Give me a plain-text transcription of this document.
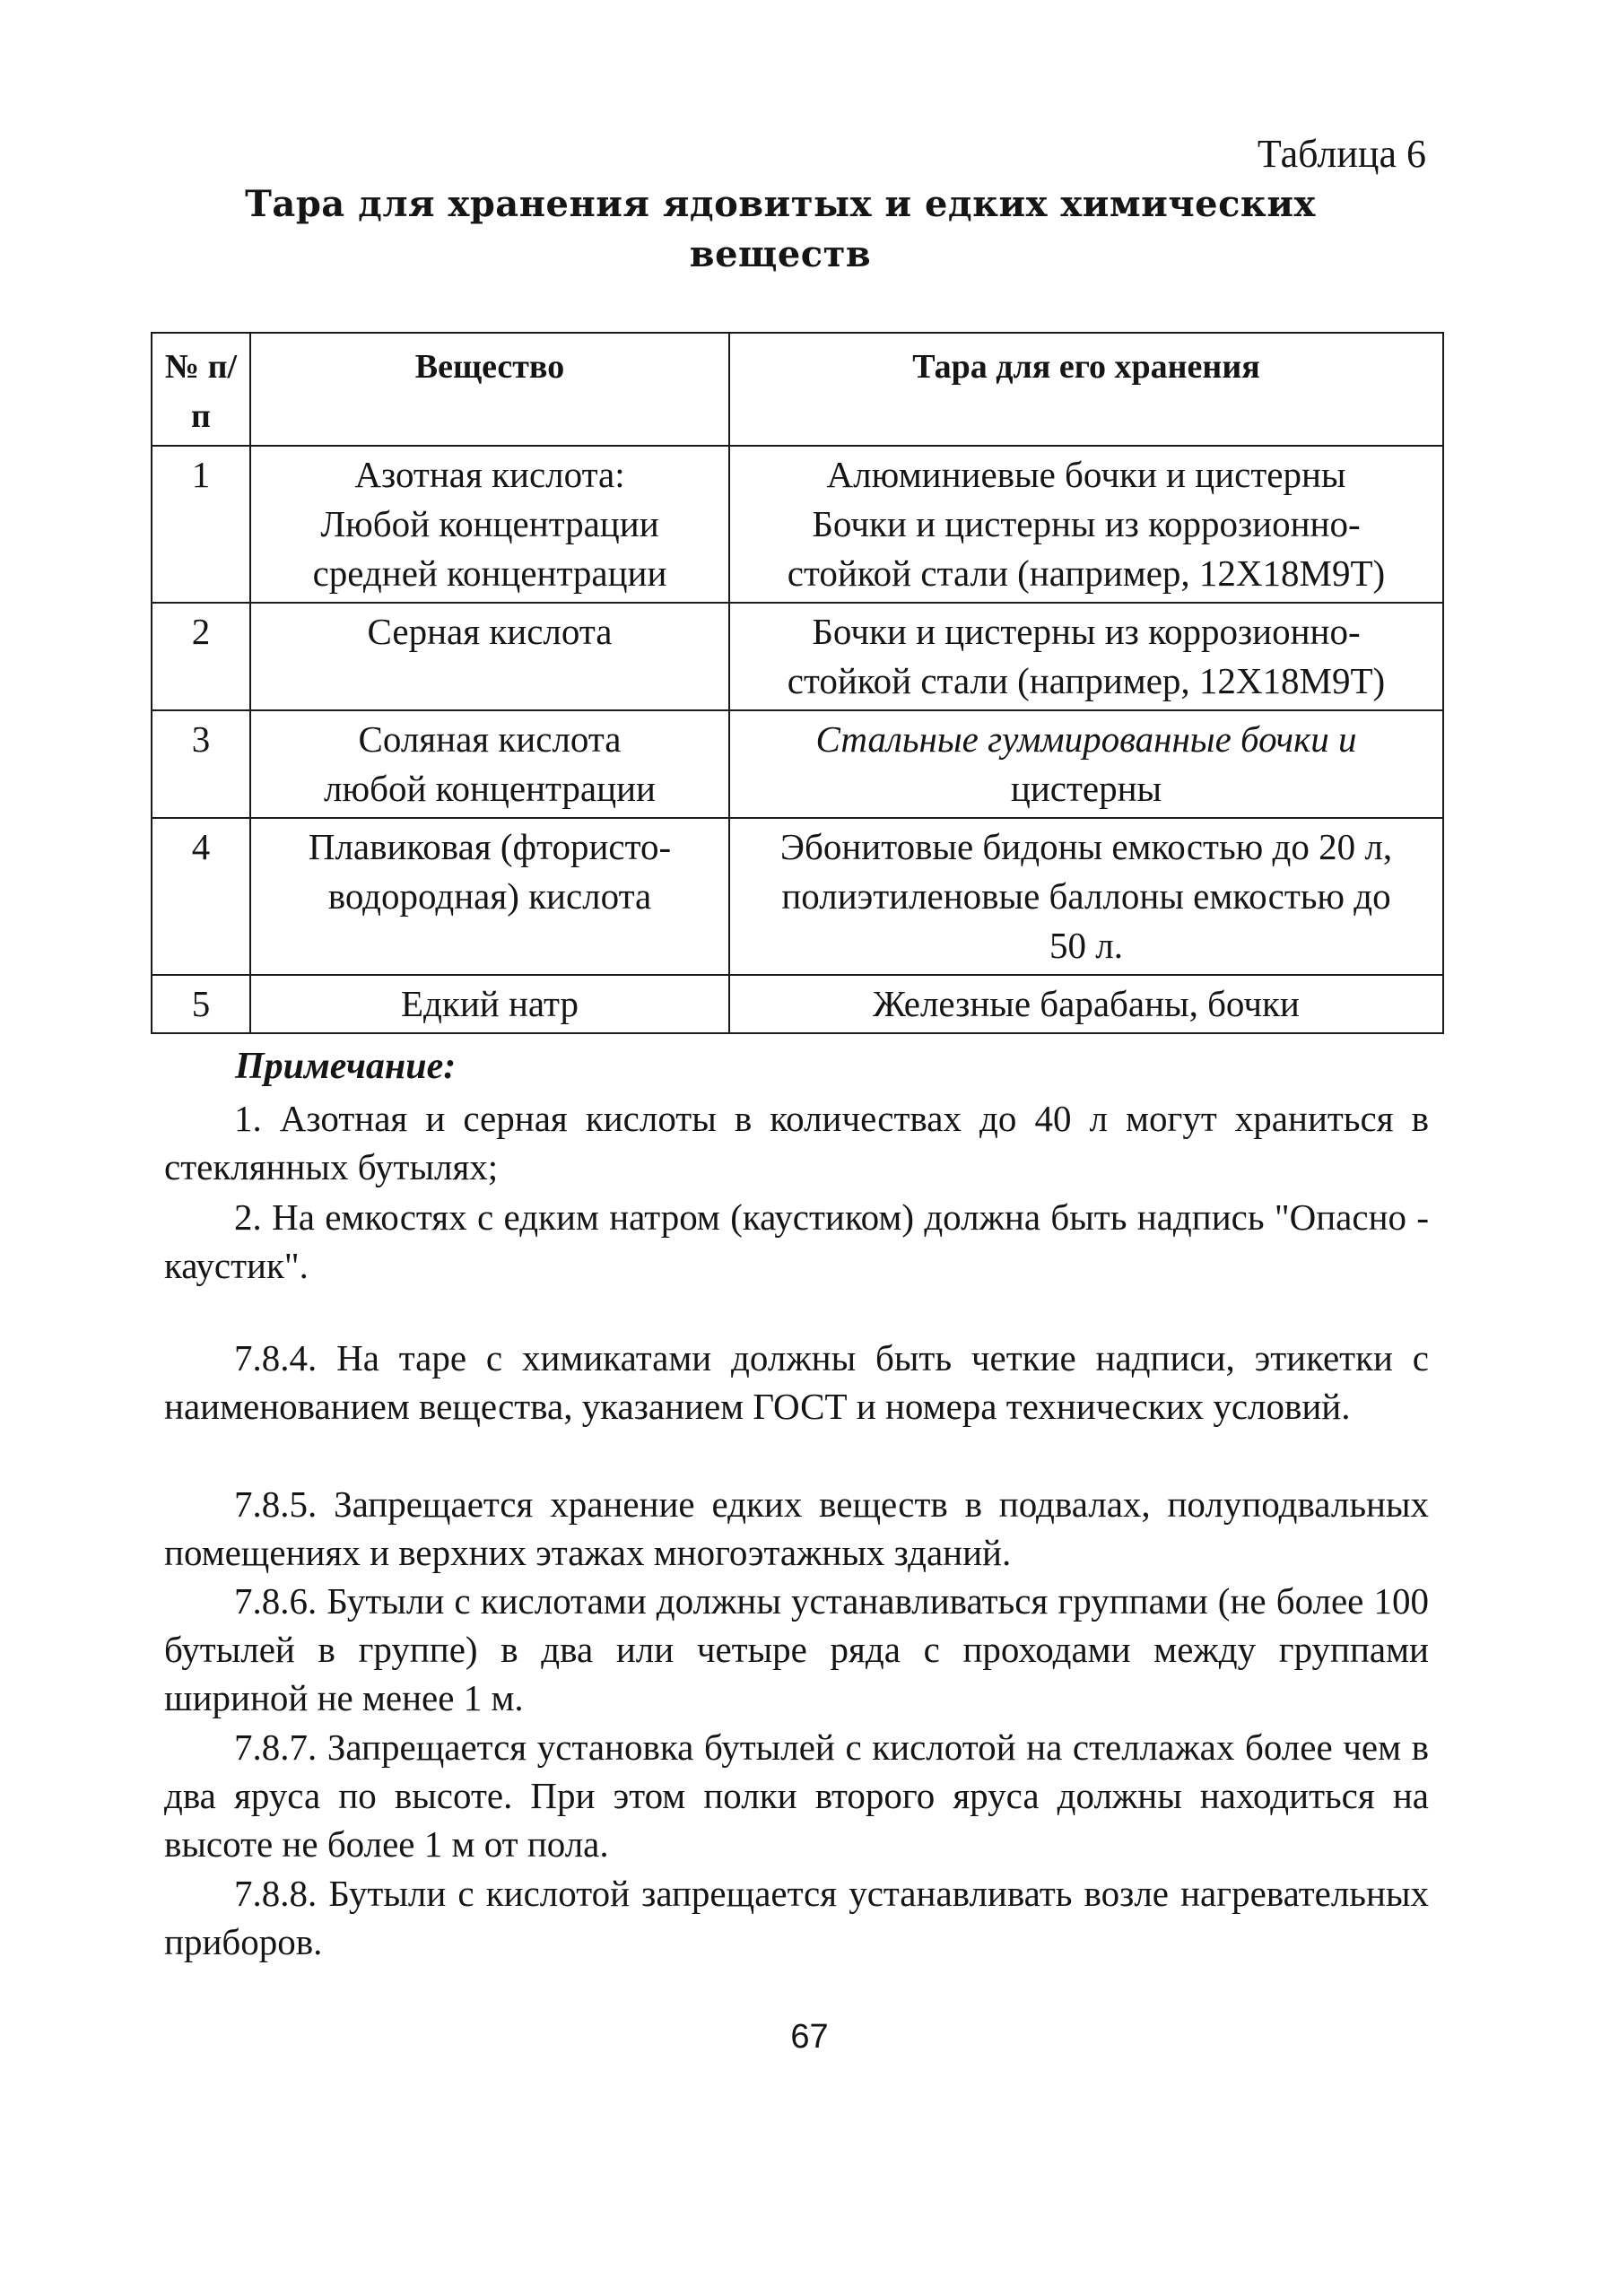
Таблица 6
Тара для хранения ядовитых и едких химических
веществ
№ п/п	Вещество	Тара для его хранения
1	Азотная кислота:
Любой концентрации
средней концентрации	Алюминиевые бочки и цистерны
Бочки и цистерны из коррозионно-
стойкой стали (например, 12Х18М9Т)

2	Серная кислота	Бочки и цистерны из коррозионно-
стойкой стали (например, 12Х18М9Т)

3	Соляная кислота
любой концентрации	Стальные гуммированные бочки и
цистерны

4	Плавиковая (фтористо-
водородная) кислота	Эбонитовые бидоны емкостью до 20 л,
полиэтиленовые баллоны емкостью до
50 л.

5	Едкий натр	Железные барабаны, бочки
Примечание:
1. Азотная и серная кислоты в количествах до 40 л могут храниться в стеклянных бутылях;
2. На емкостях с едким натром (каустиком) должна быть надпись "Опасно - каустик".
7.8.4. На таре с химикатами должны быть четкие надписи, этикетки с наименованием вещества, указанием ГОСТ и номера технических условий.
7.8.5. Запрещается хранение едких веществ в подвалах, полуподвальных помещениях и верхних этажах многоэтажных зданий.
7.8.6. Бутыли с кислотами должны устанавливаться группами (не более 100 бутылей в группе) в два или четыре ряда с проходами между группами шириной не менее 1 м.
7.8.7. Запрещается установка бутылей с кислотой на стеллажах более чем в два яруса по высоте. При этом полки второго яруса должны находиться на высоте не более 1 м от пола.
7.8.8. Бутыли с кислотой запрещается устанавливать возле нагревательных приборов.
67
